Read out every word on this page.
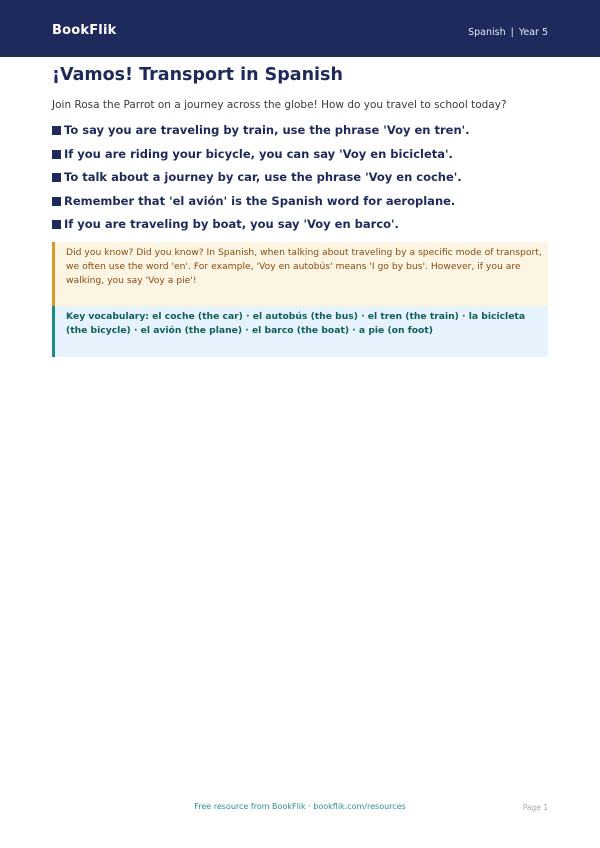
BookFlik	Spanish | Year 5
¡Vamos! Transport in Spanish

Join Rosa the Parrot on a journey across the globe! How do you travel to school today?

To say you are traveling by train, use the phrase 'Voy en tren'.
If you are riding your bicycle, you can say 'Voy en bicicleta'.
To talk about a journey by car, use the phrase 'Voy en coche'.
Remember that 'el avión' is the Spanish word for aeroplane.
If you are traveling by boat, you say 'Voy en barco'.
Did you know? Did you know? In Spanish, when talking about traveling by a specific mode of transport, we often use the word 'en'. For example, 'Voy en autobús' means 'I go by bus'. However, if you are walking, you say 'Voy a pie'!
Key vocabulary: el coche (the car) · el autobús (the bus) · el tren (the train) · la bicicleta (the bicycle) · el avión (the plane) · el barco (the boat) · a pie (on foot)
Free resource from BookFlik · bookflik.com/resources	Page 1
